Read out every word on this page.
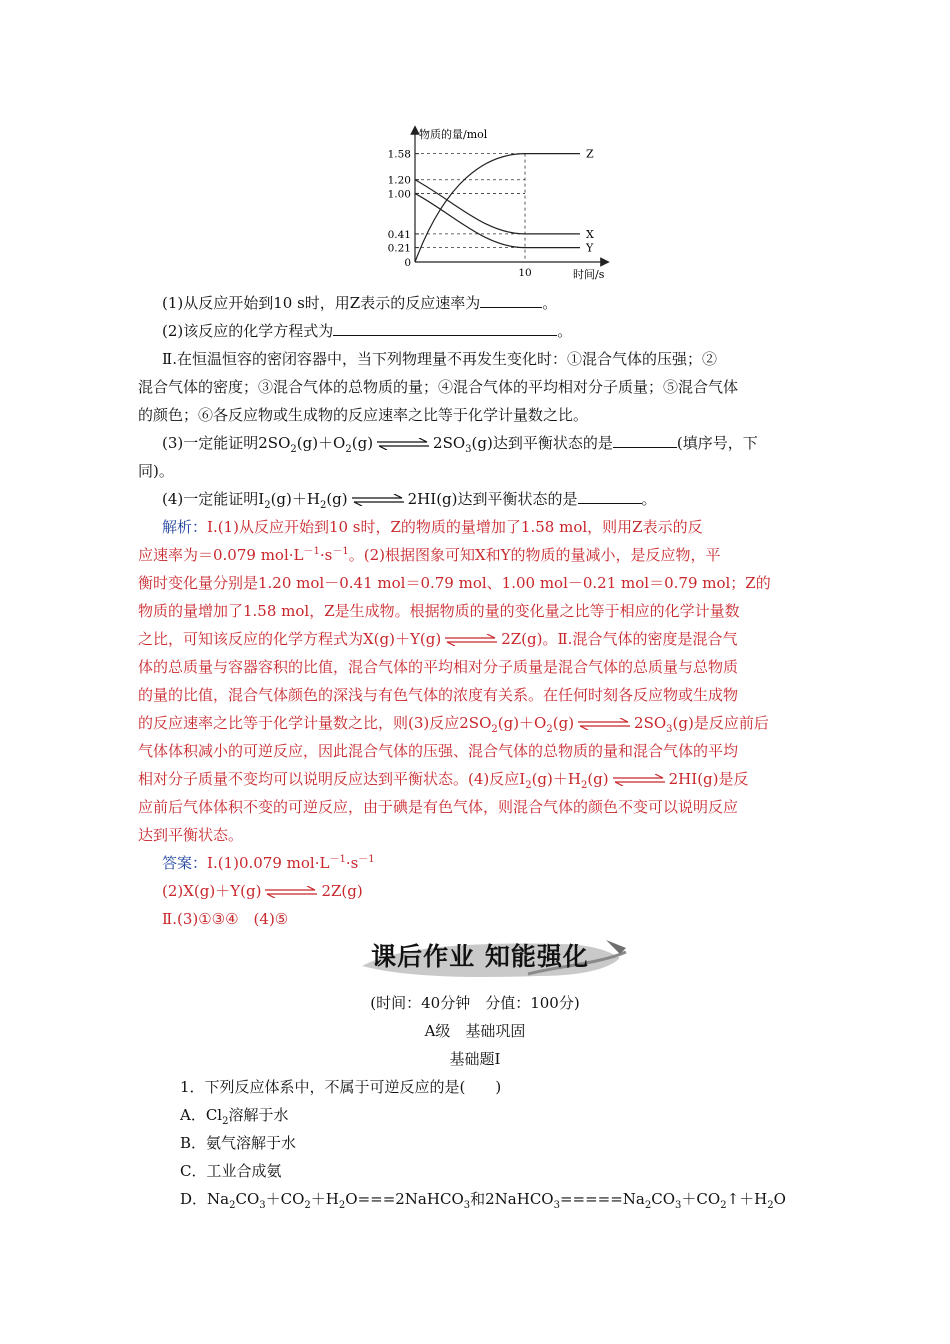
物质的量/mol
时间/s
1.58
1.20
1.00
0.41
0.21
0
10
Z
X
Y
(1)从反应开始到10 s时，用Z表示的反应速率为	。
(2)该反应的化学方程式为	。
Ⅱ.在恒温恒容的密闭容器中，当下列物理量不再发生变化时：①混合气体的压强；②
混合气体的密度；③混合气体的总物质的量；④混合气体的平均相对分子质量；⑤混合气体
的颜色；⑥各反应物或生成物的反应速率之比等于化学计量数之比。
(3)一定能证明$2SO_2(g)+O_2(g)$ ⇌ $2SO_3(g)$达到平衡状态的是	(填序号，下
同)。
(4)一定能证明$I_2(g)+H_2(g)$ ⇌ 2HI(g)达到平衡状态的是	。
解析：Ⅰ.(1)从反应开始到10 s时，Z的物质的量增加了1.58 mol，则用Z表示的反
应速率为＝0.079 $mol\cdot L^{-1}\cdot s^{-1}$。(2)根据图象可知X和Y的物质的量减小，是反应物，平
衡时变化量分别是1.20 mol－0.41 mol＝0.79 mol、1.00 mol－0.21 mol＝0.79 mol；Z的
物质的量增加了1.58 mol，Z是生成物。根据物质的量的变化量之比等于相应的化学计量数
之比，可知该反应的化学方程式为X(g)＋Y(g) ⇌ 2Z(g)。Ⅱ.混合气体的密度是混合气
体的总质量与容器容积的比值，混合气体的平均相对分子质量是混合气体的总质量与总物质
的量的比值，混合气体颜色的深浅与有色气体的浓度有关系。在任何时刻各反应物或生成物
的反应速率之比等于化学计量数之比，则(3)反应$2SO_2(g)+O_2(g)$ ⇌ $2SO_3(g)$是反应前后
气体体积减小的可逆反应，因此混合气体的压强、混合气体的总物质的量和混合气体的平均
相对分子质量不变均可以说明反应达到平衡状态。(4)反应$I_2(g)+H_2(g)$ ⇌ 2HI(g)是反
应前后气体体积不变的可逆反应，由于碘是有色气体，则混合气体的颜色不变可以说明反应
达到平衡状态。
答案：Ⅰ.(1)0.079 $mol\cdot L^{-1}\cdot s^{-1}$
(2)X(g)＋Y(g) ⇌ 2Z(g)
Ⅱ.(3)①③④　(4)⑤
课后作业 知能强化
(时间：40分钟　分值：100分)
A级　基础巩固
基础题Ⅰ
1．下列反应体系中，不属于可逆反应的是(　　)
A．$Cl_2$溶解于水
B．氨气溶解于水
C．工业合成氨
D．$Na_2CO_3+CO_2+H_2O===2NaHCO_3$和$2NaHCO_3=====Na_2CO_3+CO_2↑+H_2O$
